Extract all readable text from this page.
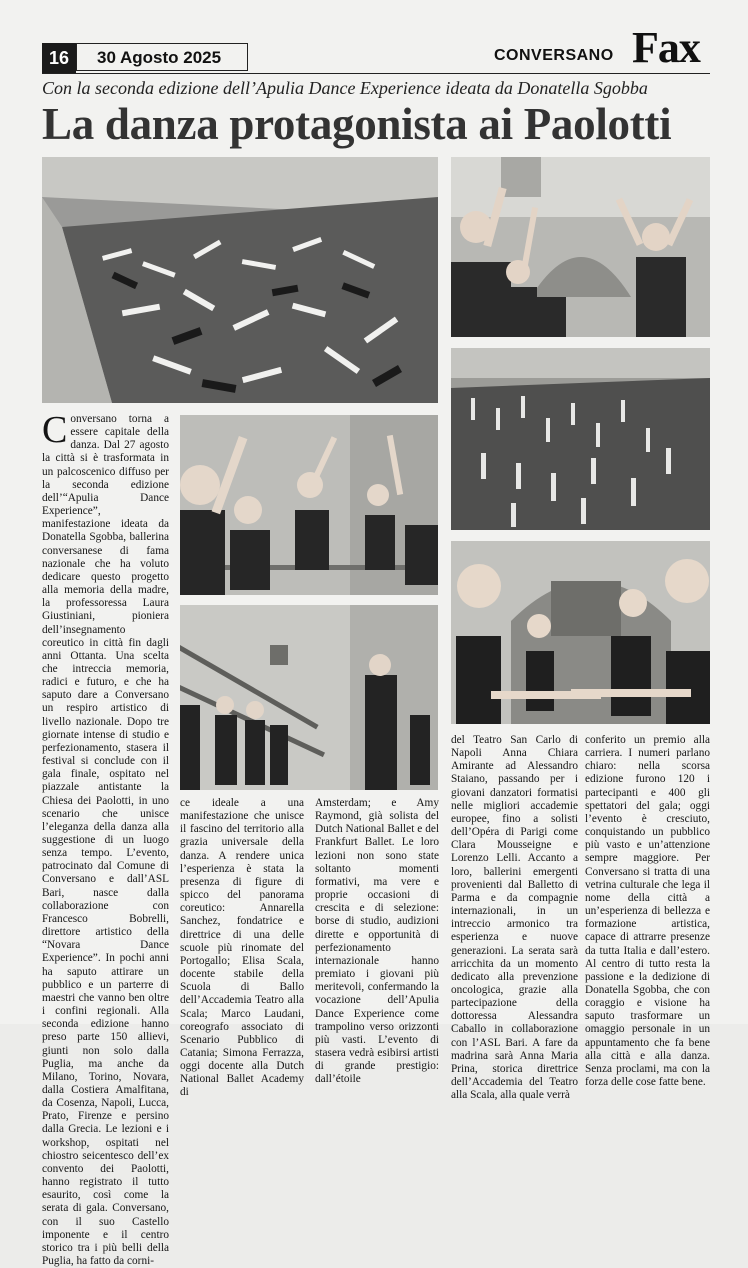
16	30 Agosto 2025	CONVERSANO Fax
Con la seconda edizione dell’Apulia Dance Experience ideata da Donatella Sgobba
La danza protagonista ai Paolotti

Conversano torna a essere capitale della danza. Dal 27 agosto la città si è trasformata in un palcoscenico diffuso per la seconda edizione dell’“Apulia Dance Experience”, manifestazione ideata da Donatella Sgobba, ballerina conversanese di fama nazionale che ha voluto dedicare questo progetto alla memoria della madre, la professoressa Laura Giustiniani, pioniera dell’insegnamento coreutico in città fin dagli anni Ottanta. Una scelta che intreccia memoria, radici e futuro, e che ha saputo dare a Conversano un respiro artistico di livello nazionale. Dopo tre giornate intense di studio e perfezionamento, stasera il festival si conclude con il gala finale, ospitato nel piazzale antistante la Chiesa dei Paolotti, in uno scenario che unisce l’eleganza della danza alla suggestione di un luogo senza tempo. L’evento, patrocinato dal Comune di Conversano e dall’ASL Bari, nasce dalla collaborazione con Francesco Bobrelli, direttore artistico della “Novara Dance Experience”. In pochi anni ha saputo attirare un pubblico e un parterre di maestri che vanno ben oltre i confini regionali. Alla seconda edizione hanno preso parte 150 allievi, giunti non solo dalla Puglia, ma anche da Milano, Torino, Novara, dalla Costiera Amalfitana, da Cosenza, Napoli, Lucca, Prato, Firenze e persino dalla Grecia. Le lezioni e i workshop, ospitati nel chiostro seicentesco dell’ex convento dei Paolotti, hanno registrato il tutto esaurito, così come la serata di gala. Conversano, con il suo Castello imponente e il centro storico tra i più belli della Puglia, ha fatto da corni-

ce ideale a una manifestazione che unisce il fascino del territorio alla grazia universale della danza. A rendere unica l’esperienza è stata la presenza di figure di spicco del panorama coreutico: Annarella Sanchez, fondatrice e direttrice di una delle scuole più rinomate del Portogallo; Elisa Scala, docente stabile della Scuola di Ballo dell’Accademia Teatro alla Scala; Marco Laudani, coreografo associato di Scenario Pubblico di Catania; Simona Ferrazza, oggi docente alla Dutch National Ballet Academy di

Amsterdam; e Amy Raymond, già solista del Dutch National Ballet e del Frankfurt Ballet. Le loro lezioni non sono state soltanto momenti formativi, ma vere e proprie occasioni di crescita e di selezione: borse di studio, audizioni dirette e opportunità di perfezionamento internazionale hanno premiato i giovani più meritevoli, confermando la vocazione dell’Apulia Dance Experience come trampolino verso orizzonti più vasti. L’evento di stasera vedrà esibirsi artisti di grande prestigio: dall’étoile

del Teatro San Carlo di Napoli Anna Chiara Amirante ad Alessandro Staiano, passando per i giovani danzatori formatisi nelle migliori accademie europee, fino a solisti dell’Opéra di Parigi come Clara Mousseigne e Lorenzo Lelli. Accanto a loro, ballerini emergenti provenienti dal Balletto di Parma e da compagnie internazionali, in un intreccio armonico tra esperienza e nuove generazioni. La serata sarà arricchita da un momento dedicato alla prevenzione oncologica, grazie alla partecipazione della dottoressa Alessandra Caballo in collaborazione con l’ASL Bari. A fare da madrina sarà Anna Maria Prina, storica direttrice dell’Accademia del Teatro alla Scala, alla quale verrà

conferito un premio alla carriera. I numeri parlano chiaro: nella scorsa edizione furono 120 i partecipanti e 400 gli spettatori del gala; oggi l’evento è cresciuto, conquistando un pubblico più vasto e un’attenzione sempre maggiore. Per Conversano si tratta di una vetrina culturale che lega il nome della città a un’esperienza di bellezza e formazione artistica, capace di attrarre presenze da tutta Italia e dall’estero. Al centro di tutto resta la passione e la dedizione di Donatella Sgobba, che con coraggio e visione ha saputo trasformare un omaggio personale in un appuntamento che fa bene alla città e alla danza. Senza proclami, ma con la forza delle cose fatte bene.
